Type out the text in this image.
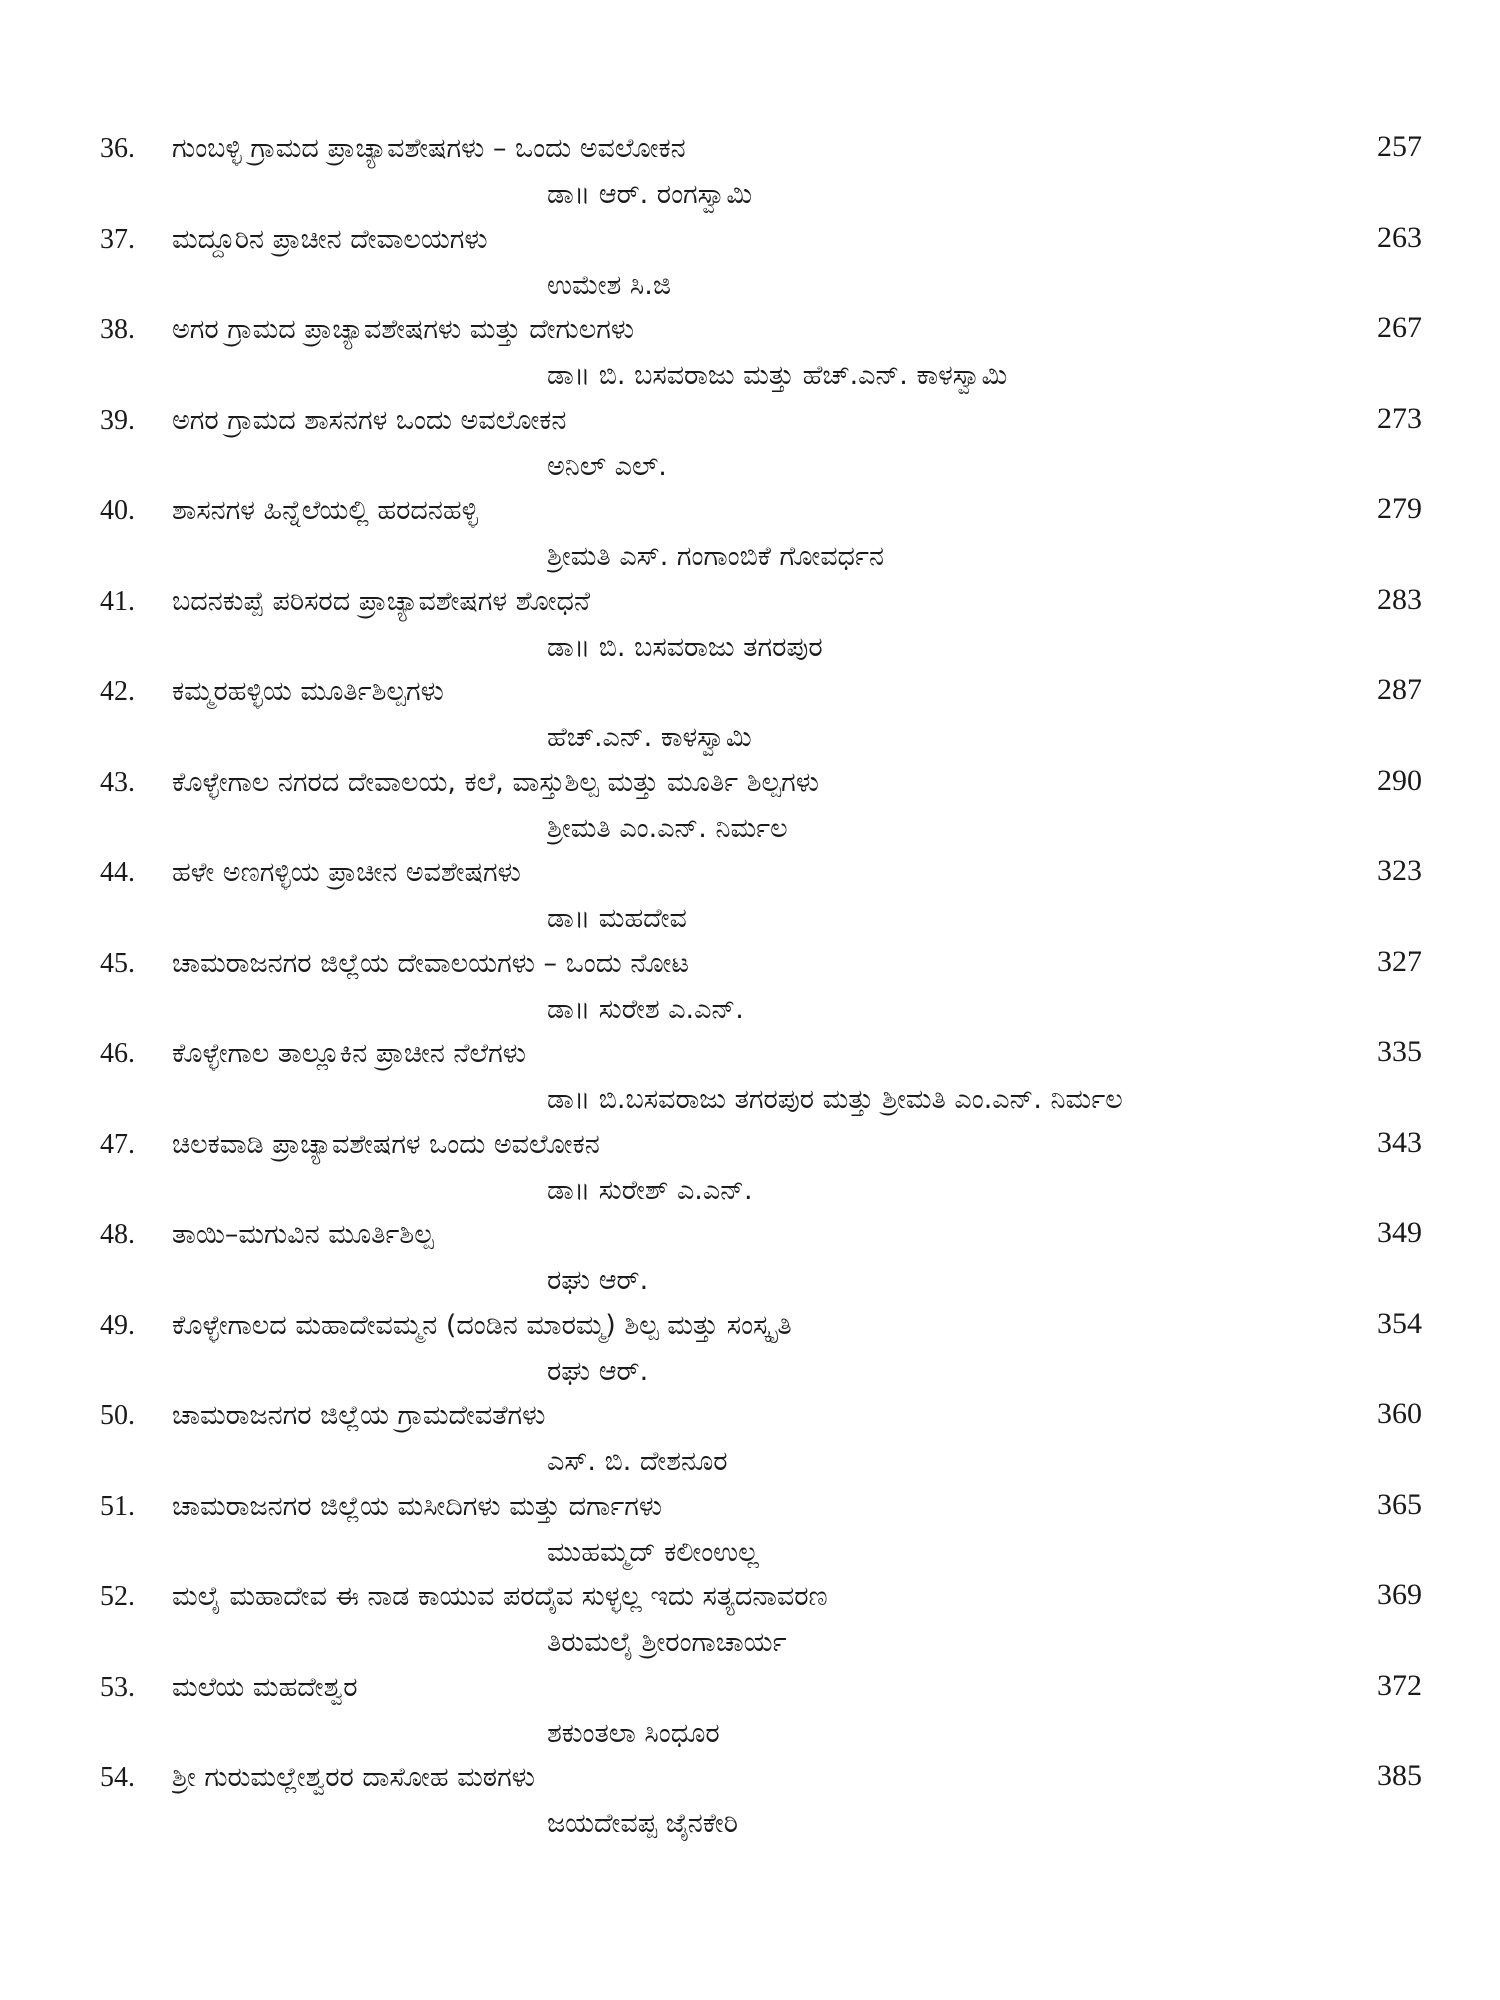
36.	ಗುಂಬಳ್ಳಿ ಗ್ರಾಮದ ಪ್ರಾಚ್ಯಾವಶೇಷಗಳು – ಒಂದು ಅವಲೋಕನ	257
ಡಾ॥ ಆರ್. ರಂಗಸ್ವಾಮಿ
37.	ಮದ್ದೂರಿನ ಪ್ರಾಚೀನ ದೇವಾಲಯಗಳು	263
ಉಮೇಶ ಸಿ.ಜಿ
38.	ಅಗರ ಗ್ರಾಮದ ಪ್ರಾಚ್ಯಾವಶೇಷಗಳು ಮತ್ತು ದೇಗುಲಗಳು	267
ಡಾ॥ ಬಿ. ಬಸವರಾಜು ಮತ್ತು ಹೆಚ್.ಎನ್. ಕಾಳಸ್ವಾಮಿ
39.	ಅಗರ ಗ್ರಾಮದ ಶಾಸನಗಳ ಒಂದು ಅವಲೋಕನ	273
ಅನಿಲ್ ಎಲ್.
40.	ಶಾಸನಗಳ ಹಿನ್ನೆಲೆಯಲ್ಲಿ ಹರದನಹಳ್ಳಿ	279
ಶ್ರೀಮತಿ ಎಸ್. ಗಂಗಾಂಬಿಕೆ ಗೋವರ್ಧನ
41.	ಬದನಕುಪ್ಪೆ ಪರಿಸರದ ಪ್ರಾಚ್ಯಾವಶೇಷಗಳ ಶೋಧನೆ	283
ಡಾ॥ ಬಿ. ಬಸವರಾಜು ತಗರಪುರ
42.	ಕಮ್ಮರಹಳ್ಳಿಯ ಮೂರ್ತಿಶಿಲ್ಪಗಳು	287
ಹೆಚ್.ಎನ್. ಕಾಳಸ್ವಾಮಿ
43.	ಕೊಳ್ಳೇಗಾಲ ನಗರದ ದೇವಾಲಯ, ಕಲೆ, ವಾಸ್ತುಶಿಲ್ಪ ಮತ್ತು ಮೂರ್ತಿ ಶಿಲ್ಪಗಳು	290
ಶ್ರೀಮತಿ ಎಂ.ಎನ್. ನಿರ್ಮಲ
44.	ಹಳೇ ಅಣಗಳ್ಳಿಯ ಪ್ರಾಚೀನ ಅವಶೇಷಗಳು	323
ಡಾ॥ ಮಹದೇವ
45.	ಚಾಮರಾಜನಗರ ಜಿಲ್ಲೆಯ ದೇವಾಲಯಗಳು – ಒಂದು ನೋಟ	327
ಡಾ॥ ಸುರೇಶ ಎ.ಎನ್.
46.	ಕೊಳ್ಳೇಗಾಲ ತಾಲ್ಲೂಕಿನ ಪ್ರಾಚೀನ ನೆಲೆಗಳು	335
ಡಾ॥ ಬಿ.ಬಸವರಾಜು ತಗರಪುರ ಮತ್ತು ಶ್ರೀಮತಿ ಎಂ.ಎನ್. ನಿರ್ಮಲ
47.	ಚಿಲಕವಾಡಿ ಪ್ರಾಚ್ಯಾವಶೇಷಗಳ ಒಂದು ಅವಲೋಕನ	343
ಡಾ॥ ಸುರೇಶ್ ಎ.ಎನ್.
48.	ತಾಯಿ–ಮಗುವಿನ ಮೂರ್ತಿಶಿಲ್ಪ	349
ರಘು ಆರ್.
49.	ಕೊಳ್ಳೇಗಾಲದ ಮಹಾದೇವಮ್ಮನ (ದಂಡಿನ ಮಾರಮ್ಮ) ಶಿಲ್ಪ ಮತ್ತು ಸಂಸ್ಕೃತಿ	354
ರಘು ಆರ್.
50.	ಚಾಮರಾಜನಗರ ಜಿಲ್ಲೆಯ ಗ್ರಾಮದೇವತೆಗಳು	360
ಎಸ್. ಬಿ. ದೇಶನೂರ
51.	ಚಾಮರಾಜನಗರ ಜಿಲ್ಲೆಯ ಮಸೀದಿಗಳು ಮತ್ತು ದರ್ಗಾಗಳು	365
ಮುಹಮ್ಮದ್ ಕಲೀಂಉಲ್ಲ
52.	ಮಲೈ ಮಹಾದೇವ ಈ ನಾಡ ಕಾಯುವ ಪರದೈವ ಸುಳ್ಳಲ್ಲ ಇದು ಸತ್ಯದನಾವರಣ	369
ತಿರುಮಲೈ ಶ್ರೀರಂಗಾಚಾರ್ಯ
53.	ಮಲೆಯ ಮಹದೇಶ್ವರ	372
ಶಕುಂತಲಾ ಸಿಂಧೂರ
54.	ಶ್ರೀ ಗುರುಮಲ್ಲೇಶ್ವರರ ದಾಸೋಹ ಮಠಗಳು	385
ಜಯದೇವಪ್ಪ ಜೈನಕೇರಿ
